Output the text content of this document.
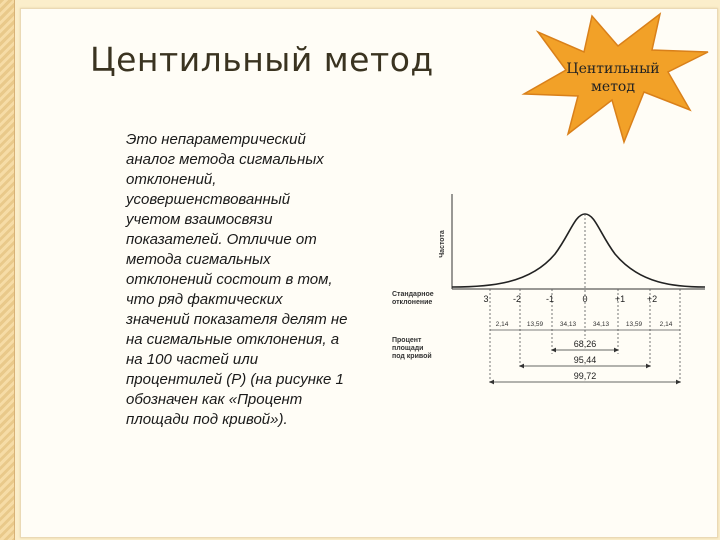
Центильный метод

Это непараметрический аналог метода сигмальных отклонений, усовершенствованный учетом взаимосвязи показателей. Отличие от метода сигмальных отклонений состоит в том, что ряд фактических значений показателя делят не на сигмальные отклонения, а на 100 частей или процентилей (Р) (на рисунке 1 обозначен как «Процент площади под кривой»).

Центильный
метод
Частота
Стандарное
отклонение
Процент
площади
под кривой
3	-2	-1	0	+1 +2
2,14	13,59	34,13	34,13	13,59	2,14
68,26
95,44
99,72
